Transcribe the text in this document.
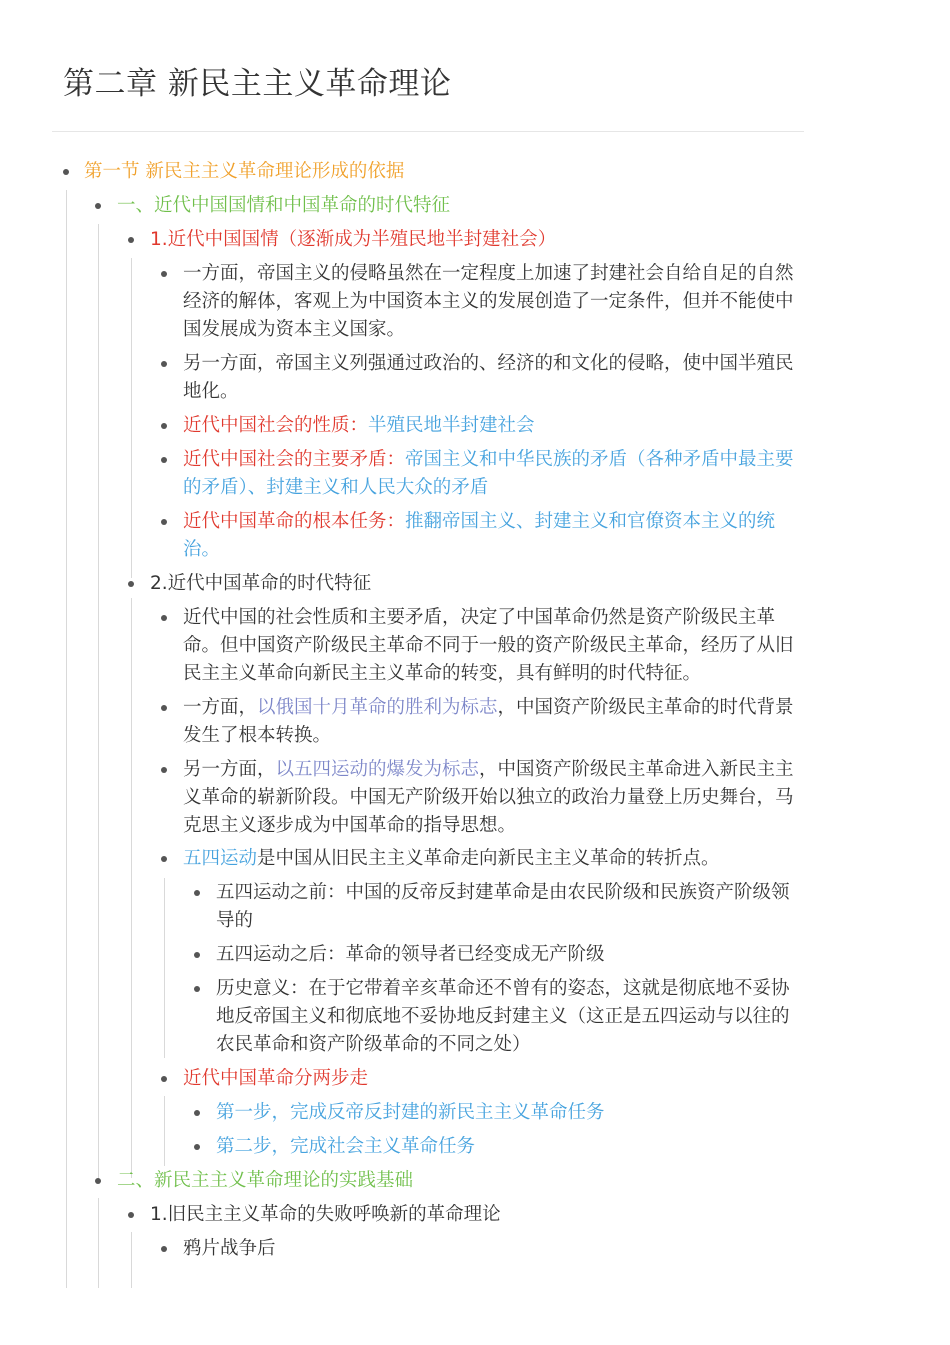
第二章 新民主主义革命理论
第一节 新民主主义革命理论形成的依据
一、近代中国国情和中国革命的时代特征
1.近代中国国情（逐渐成为半殖民地半封建社会）
一方面，帝国主义的侵略虽然在一定程度上加速了封建社会自给自足的自然
经济的解体，客观上为中国资本主义的发展创造了一定条件，但并不能使中
国发展成为资本主义国家。
另一方面，帝国主义列强通过政治的、经济的和文化的侵略，使中国半殖民
地化。
近代中国社会的性质：半殖民地半封建社会
近代中国社会的主要矛盾：帝国主义和中华民族的矛盾（各种矛盾中最主要
的矛盾）、封建主义和人民大众的矛盾
近代中国革命的根本任务：推翻帝国主义、封建主义和官僚资本主义的统
治。
2.近代中国革命的时代特征
近代中国的社会性质和主要矛盾，决定了中国革命仍然是资产阶级民主革
命。但中国资产阶级民主革命不同于一般的资产阶级民主革命，经历了从旧
民主主义革命向新民主主义革命的转变，具有鲜明的时代特征。
一方面，以俄国十月革命的胜利为标志，中国资产阶级民主革命的时代背景
发生了根本转换。
另一方面，以五四运动的爆发为标志，中国资产阶级民主革命进入新民主主
义革命的崭新阶段。中国无产阶级开始以独立的政治力量登上历史舞台，马
克思主义逐步成为中国革命的指导思想。
五四运动是中国从旧民主主义革命走向新民主主义革命的转折点。
五四运动之前：中国的反帝反封建革命是由农民阶级和民族资产阶级领
导的
五四运动之后：革命的领导者已经变成无产阶级
历史意义：在于它带着辛亥革命还不曾有的姿态，这就是彻底地不妥协
地反帝国主义和彻底地不妥协地反封建主义（这正是五四运动与以往的
农民革命和资产阶级革命的不同之处）
近代中国革命分两步走
第一步，完成反帝反封建的新民主主义革命任务
第二步，完成社会主义革命任务
二、新民主主义革命理论的实践基础
1.旧民主主义革命的失败呼唤新的革命理论
鸦片战争后
